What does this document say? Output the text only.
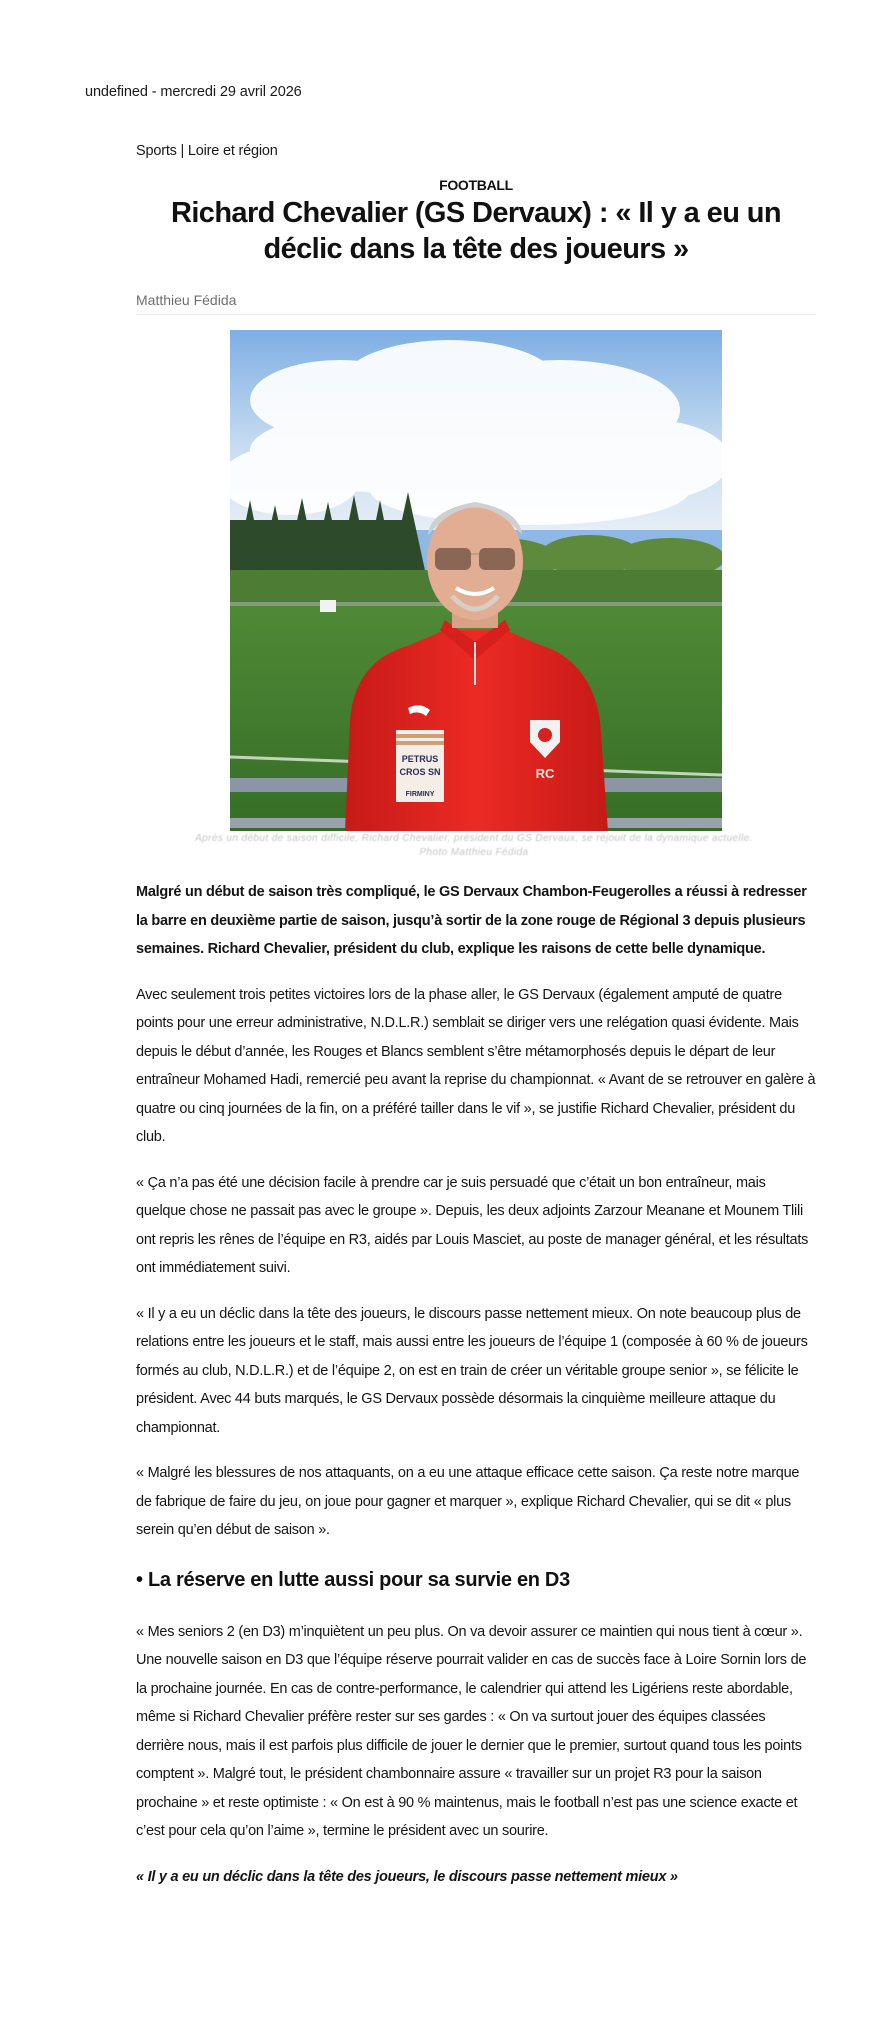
undefined - mercredi 29 avril 2026
Sports | Loire et région
FOOTBALL
Richard Chevalier (GS Dervaux) : « Il y a eu un déclic dans la tête des joueurs »
Matthieu Fédida
PETRUS
CROS SN
FIRMINY
RC
Après un début de saison difficile, Richard Chevalier, président du GS Dervaux, se réjouit de la dynamique actuelle.
Photo Matthieu Fédida

Malgré un début de saison très compliqué, le GS Dervaux Chambon-Feugerolles a réussi à redresser la barre en deuxième partie de saison, jusqu’à sortir de la zone rouge de Régional 3 depuis plusieurs semaines. Richard Chevalier, président du club, explique les raisons de cette belle dynamique.

Avec seulement trois petites victoires lors de la phase aller, le GS Dervaux (également amputé de quatre points pour une erreur administrative, N.D.L.R.) semblait se diriger vers une relégation quasi évidente. Mais depuis le début d’année, les Rouges et Blancs semblent s’être métamorphosés depuis le départ de leur entraîneur Mohamed Hadi, remercié peu avant la reprise du championnat. « Avant de se retrouver en galère à quatre ou cinq journées de la fin, on a préféré tailler dans le vif », se justifie Richard Chevalier, président du club.

« Ça n’a pas été une décision facile à prendre car je suis persuadé que c’était un bon entraîneur, mais quelque chose ne passait pas avec le groupe ». Depuis, les deux adjoints Zarzour Meanane et Mounem Tlili ont repris les rênes de l’équipe en R3, aidés par Louis Masciet, au poste de manager général, et les résultats ont immédiatement suivi.

« Il y a eu un déclic dans la tête des joueurs, le discours passe nettement mieux. On note beaucoup plus de relations entre les joueurs et le staff, mais aussi entre les joueurs de l’équipe 1 (composée à 60 % de joueurs formés au club, N.D.L.R.) et de l’équipe 2, on est en train de créer un véritable groupe senior », se félicite le président. Avec 44 buts marqués, le GS Dervaux possède désormais la cinquième meilleure attaque du championnat.

« Malgré les blessures de nos attaquants, on a eu une attaque efficace cette saison. Ça reste notre marque de fabrique de faire du jeu, on joue pour gagner et marquer », explique Richard Chevalier, qui se dit « plus serein qu’en début de saison ».

• La réserve en lutte aussi pour sa survie en D3

« Mes seniors 2 (en D3) m’inquiètent un peu plus. On va devoir assurer ce maintien qui nous tient à cœur ». Une nouvelle saison en D3 que l’équipe réserve pourrait valider en cas de succès face à Loire Sornin lors de la prochaine journée. En cas de contre-performance, le calendrier qui attend les Ligériens reste abordable, même si Richard Chevalier préfère rester sur ses gardes : « On va surtout jouer des équipes classées derrière nous, mais il est parfois plus difficile de jouer le dernier que le premier, surtout quand tous les points comptent ». Malgré tout, le président chambonnaire assure « travailler sur un projet R3 pour la saison prochaine » et reste optimiste : « On est à 90 % maintenus, mais le football n’est pas une science exacte et c’est pour cela qu’on l’aime », termine le président avec un sourire.

« Il y a eu un déclic dans la tête des joueurs, le discours passe nettement mieux »
